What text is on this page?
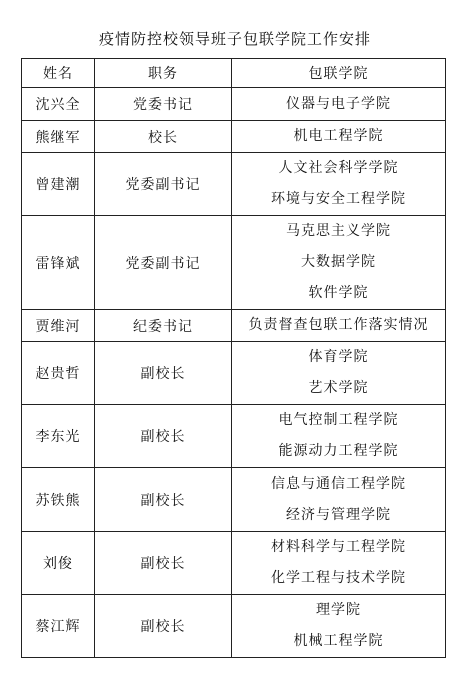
疫情防控校领导班子包联学院工作安排
姓名	职务	包联学院
沈兴全	党委书记	仪器与电子学院

熊继军	校长	机电工程学院

曾建潮	党委副书记	人文社会科学学院
环境与安全工程学院

雷锋斌	党委副书记	马克思主义学院
大数据学院
软件学院

贾维河	纪委书记	负责督查包联工作落实情况

赵贵哲	副校长	体育学院
艺术学院

李东光	副校长	电气控制工程学院
能源动力工程学院

苏铁熊	副校长	信息与通信工程学院
经济与管理学院

刘俊	副校长	材料科学与工程学院
化学工程与技术学院

蔡江辉	副校长	理学院
机械工程学院
